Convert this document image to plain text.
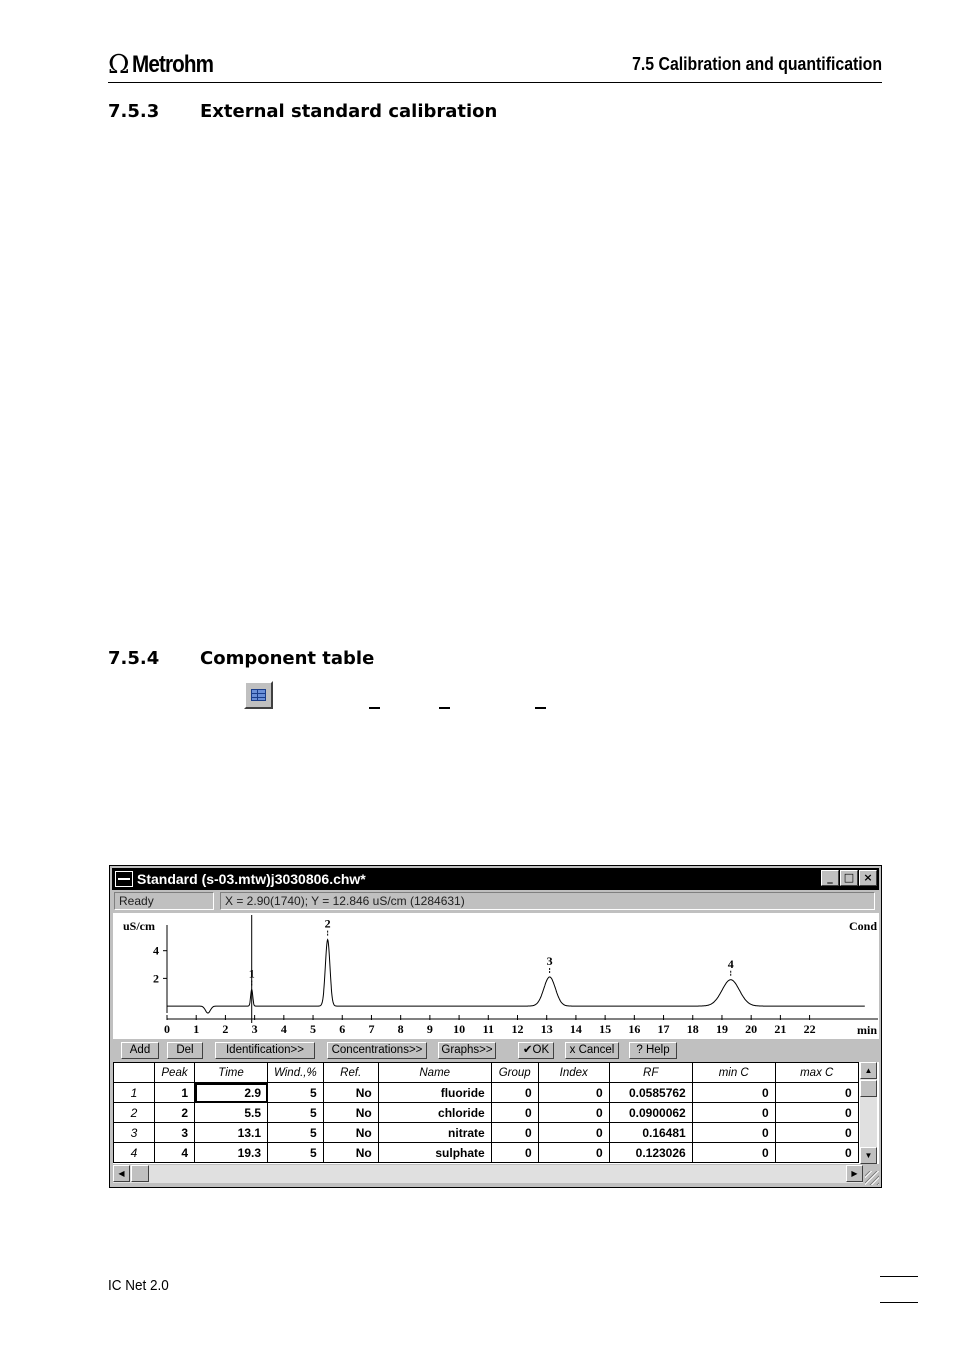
Ω Metrohm	7.5 Calibration and quantification
7.5.3 External standard calibration
7.5.4 Component table
Standard (s-03.mtw)j3030806.chw*	_	□ ×
Ready	X = 2.90(1740); Y = 12.846 uS/cm (1284631)
uS/cm	Cond
0 1 2 3 4 5 6 7 8 9 10 11 12 13 14 15 16 17 18 19 20 21 22
2
4
1
2
3	4
min
Add	Del	Identification>>	Concentrations>>	Graphs>>	✔OK	x Cancel	? Help
	Peak	Time	Wind.,%	Ref.	Name	Group	Index	RF	min C	max C
1	1	2.9	5	No	fluoride	0	0	0.0585762	0	0
2	2	5.5	5	No	chloride	0	0	0.0900062	0	0
3	3	13.1	5	No	nitrate	0	0	0.16481	0	0
4	4	19.3	5	No	sulphate	0	0	0.123026	0	0
▲
▼
◀	▶
IC Net 2.0
